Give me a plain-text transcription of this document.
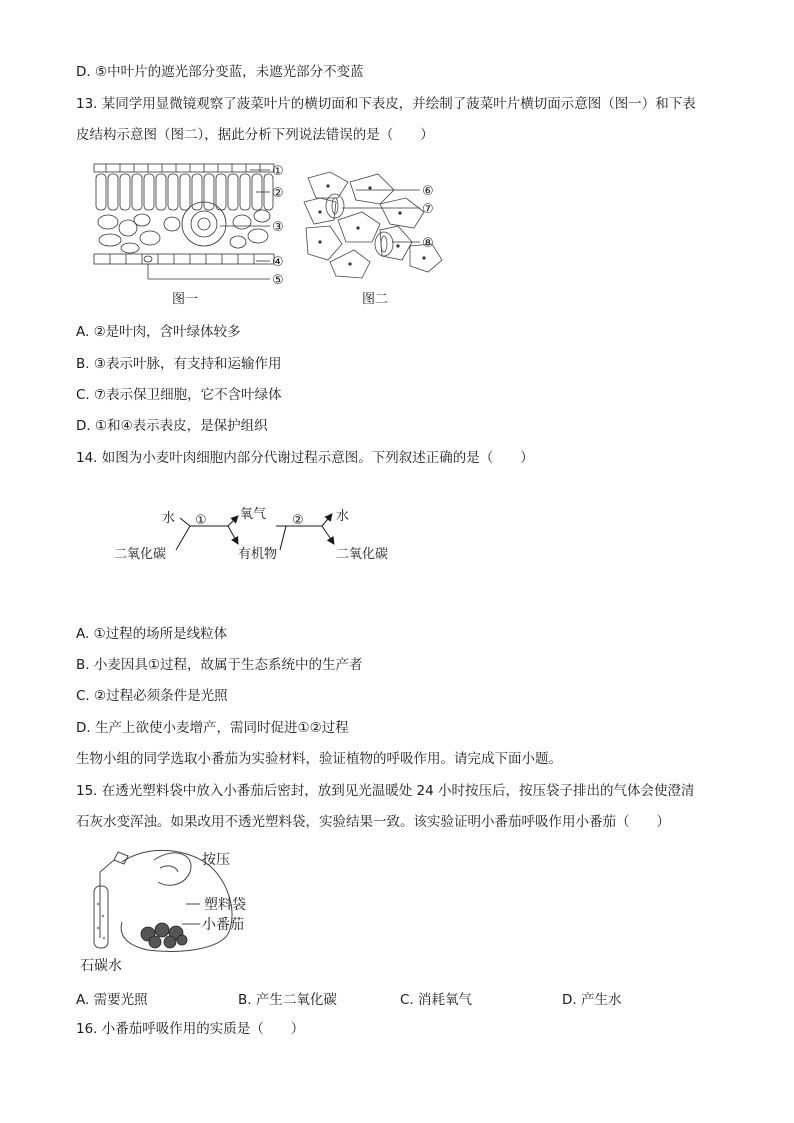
D. ⑤中叶片的遮光部分变蓝，未遮光部分不变蓝
13. 某同学用显微镜观察了菠菜叶片的横切面和下表皮，并绘制了菠菜叶片横切面示意图（图一）和下表
皮结构示意图（图二），据此分析下列说法错误的是（　　）
①
②
③
④
⑤
图一
⑥
⑦
⑧
图二
A. ②是叶肉，含叶绿体较多
B. ③表示叶脉，有支持和运输作用
C. ⑦表示保卫细胞，它不含叶绿体
D. ①和④表示表皮，是保护组织
14. 如图为小麦叶肉细胞内部分代谢过程示意图。下列叙述正确的是（　　）
水
二氧化碳
①	氧气
有机物
② 水
二氧化碳
A. ①过程的场所是线粒体
B. 小麦因具①过程，故属于生态系统中的生产者
C. ②过程必须条件是光照
D. 生产上欲使小麦增产，需同时促进①②过程
生物小组的同学选取小番茄为实验材料，验证植物的呼吸作用。请完成下面小题。
15. 在透光塑料袋中放入小番茄后密封，放到见光温暖处 24 小时按压后，按压袋子排出的气体会使澄清
石灰水变浑浊。如果改用不透光塑料袋，实验结果一致。该实验证明小番茄呼吸作用小番茄（　　）
按压
塑料袋
小番茄
石碳水
A. 需要光照	B. 产生二氧化碳	C. 消耗氧气	D. 产生水
16. 小番茄呼吸作用的实质是（　　）
